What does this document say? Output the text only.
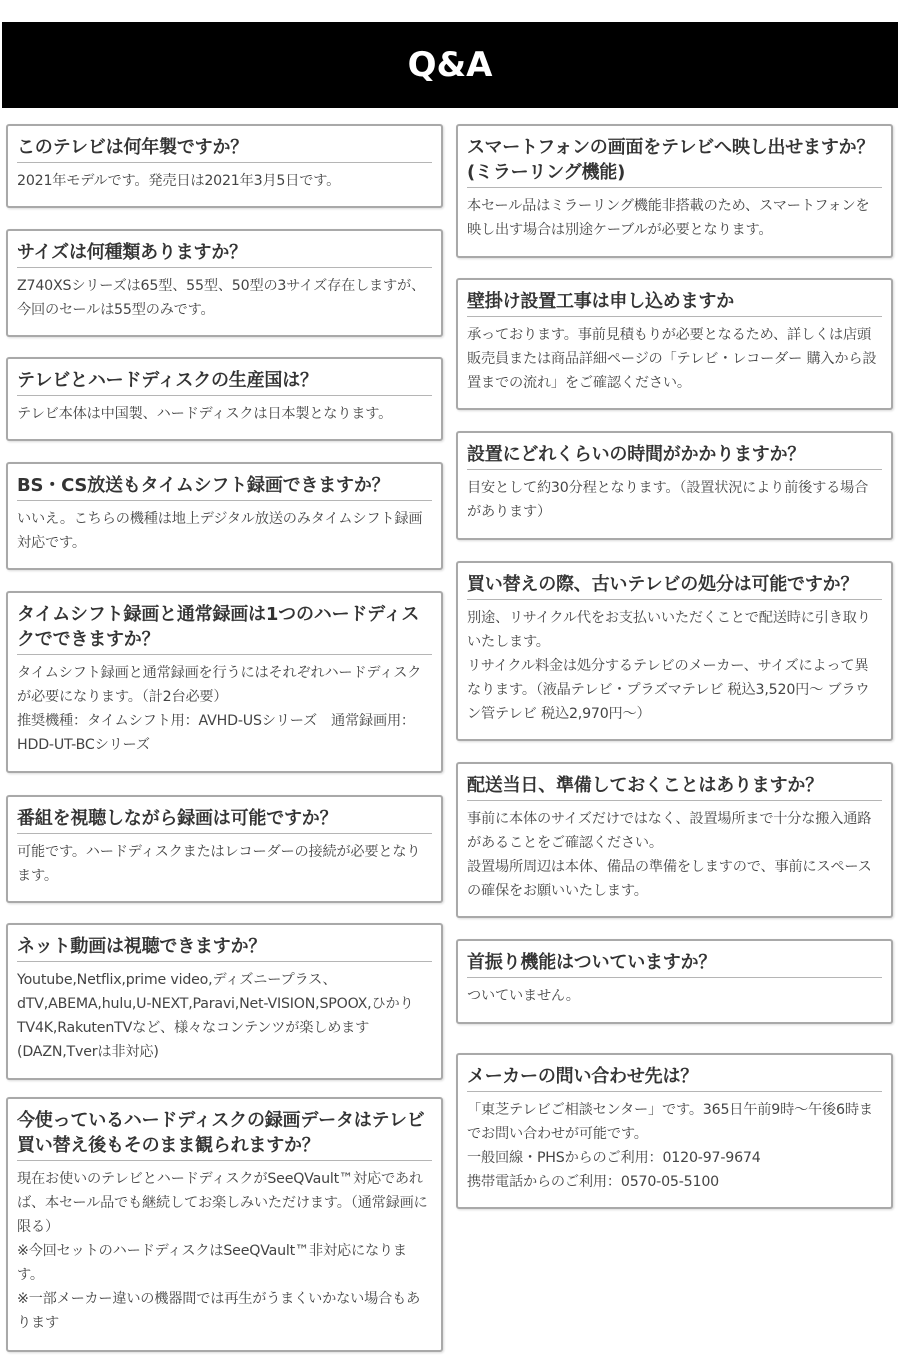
Q&A
このテレビは何年製ですか？
2021年モデルです。発売日は2021年3月5日です。
サイズは何種類ありますか？
Z740XSシリーズは65型、55型、50型の3サイズ存在しますが、今回のセールは55型のみです。
テレビとハードディスクの生産国は？
テレビ本体は中国製、ハードディスクは日本製となります。
BS・CS放送もタイムシフト録画できますか？
いいえ。こちらの機種は地上デジタル放送のみタイムシフト録画対応です。
タイムシフト録画と通常録画は1つのハードディスクでできますか？
タイムシフト録画と通常録画を行うにはそれぞれハードディスクが必要になります。（計2台必要）
推奨機種：タイムシフト用：AVHD-USシリーズ　通常録画用：HDD-UT-BCシリーズ
番組を視聴しながら録画は可能ですか？
可能です。ハードディスクまたはレコーダーの接続が必要となります。
ネット動画は視聴できますか？
Youtube,Netflix,prime video,ディズニープラス、dTV,ABEMA,hulu,U-NEXT,Paravi,Net-VISION,SPOOX,ひかりTV4K,RakutenTVなど、様々なコンテンツが楽しめます(DAZN,Tverは非対応)
今使っているハードディスクの録画データはテレビ買い替え後もそのまま観られますか？
現在お使いのテレビとハードディスクがSeeQVault™対応であれば、本セール品でも継続してお楽しみいただけます。（通常録画に限る）
※今回セットのハードディスクはSeeQVault™非対応になります。
※一部メーカー違いの機器間では再生がうまくいかない場合もあります
スマートフォンの画面をテレビへ映し出せますか？(ミラーリング機能)
本セール品はミラーリング機能非搭載のため、スマートフォンを映し出す場合は別途ケーブルが必要となります。
壁掛け設置工事は申し込めますか
承っております。事前見積もりが必要となるため、詳しくは店頭販売員または商品詳細ページの「テレビ・レコーダー 購入から設置までの流れ」をご確認ください。
設置にどれくらいの時間がかかりますか？
目安として約30分程となります。（設置状況により前後する場合があります）
買い替えの際、古いテレビの処分は可能ですか？
別途、リサイクル代をお支払いいただくことで配送時に引き取りいたします。
リサイクル料金は処分するテレビのメーカー、サイズによって異なります。（液晶テレビ・プラズマテレビ 税込3,520円～ ブラウン管テレビ 税込2,970円～）
配送当日、準備しておくことはありますか？
事前に本体のサイズだけではなく、設置場所まで十分な搬入通路があることをご確認ください。
設置場所周辺は本体、備品の準備をしますので、事前にスペースの確保をお願いいたします。
首振り機能はついていますか？
ついていません。
メーカーの問い合わせ先は？
「東芝テレビご相談センター」です。365日午前9時～午後6時までお問い合わせが可能です。
一般回線・PHSからのご利用：0120-97-9674
携帯電話からのご利用：0570-05-5100
